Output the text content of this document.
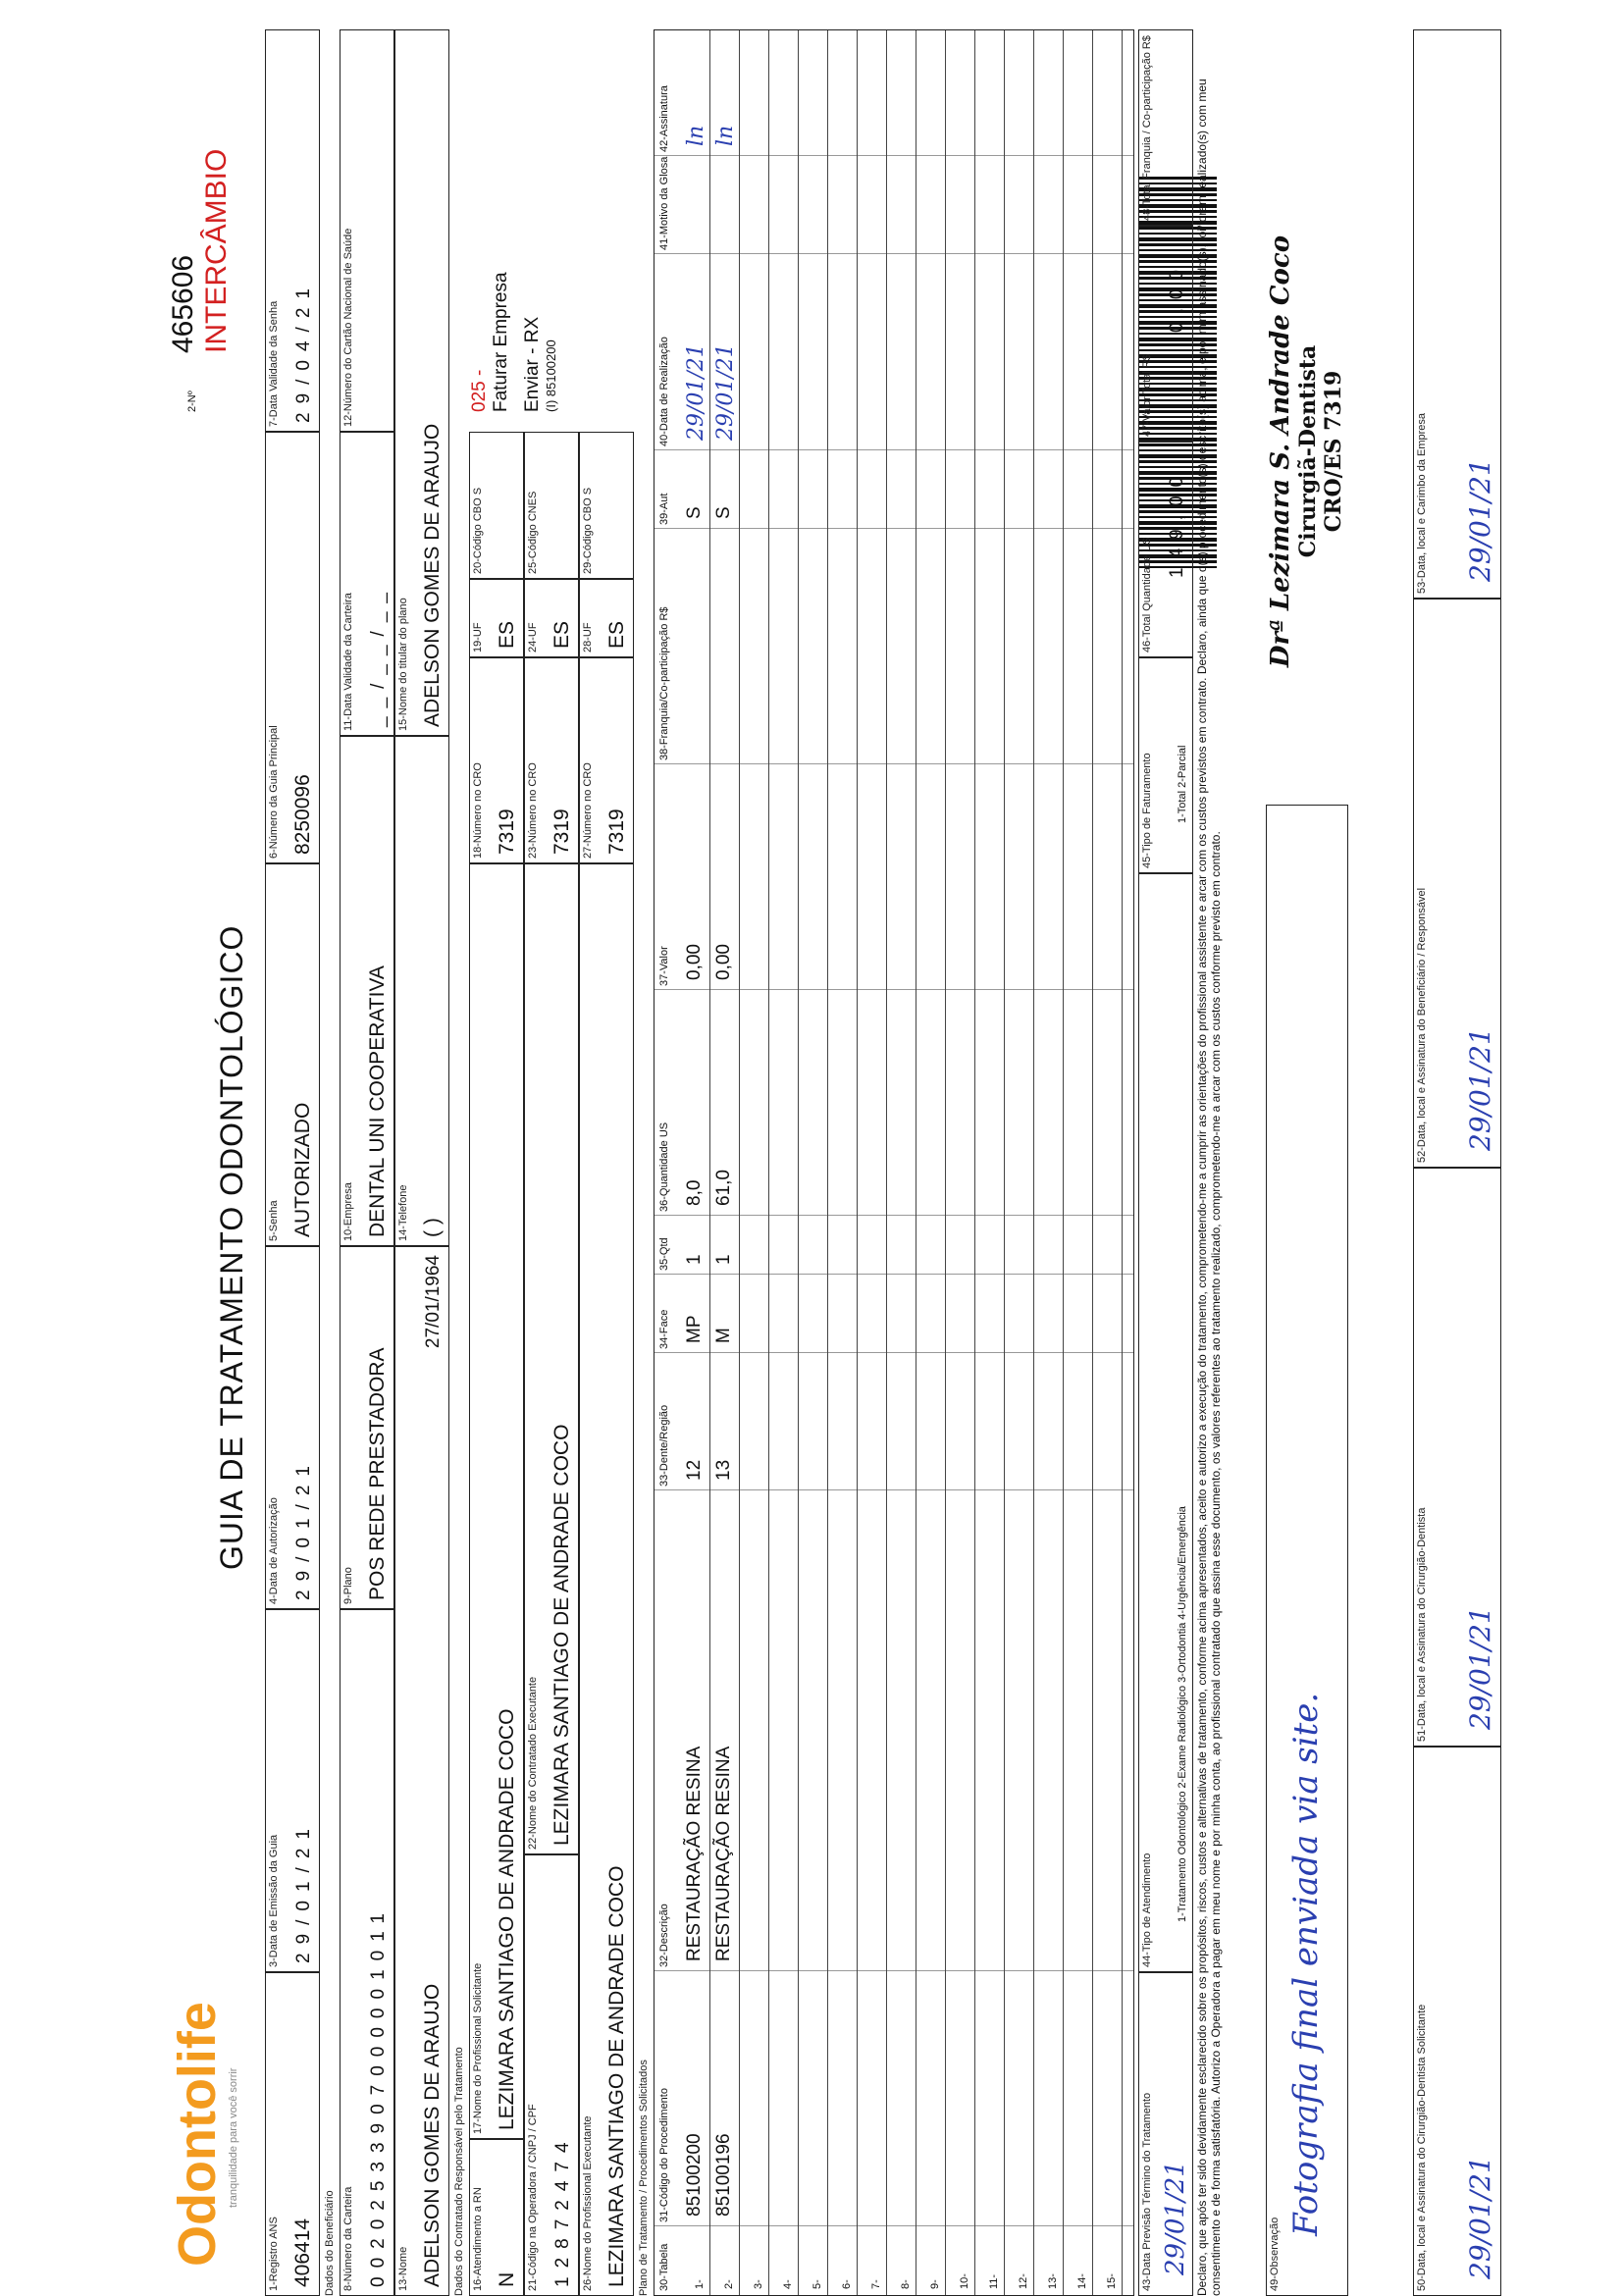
Odontolife tranquilidade para você sorrir
GUIA DE TRATAMENTO ODONTOLÓGICO
2-Nº
465606 INTERCÂMBIO
1-Registro ANS 406414
3-Data de Emissão da Guia 29/01/21
4-Data de Autorização 29/01/21
5-Senha AUTORIZADO
6-Número da Guia Principal 8250096
7-Data Validade da Senha 29/04/21
Dados do Beneficiário 8-Número da Carteira 00202533907000001011
9-Plano POS REDE PRESTADORA
10-Empresa DENTAL UNI COOPERATIVA
11-Data Validade da Carteira __/__/__
12-Número do Cartão Nacional de Saúde
13-Nome ADELSON GOMES DE ARAUJO
27/01/1964
14-Telefone ( )
15-Nome do titular do plano ADELSON GOMES DE ARAUJO
Dados do Contratado Responsável pelo Tratamento 16-Atendimento a RN N
17-Nome do Profissional Solicitante LEZIMARA SANTIAGO DE ANDRADE COCO
18-Número no CRO 7319
19-UF ES
20-Código CBO S
21-Código na Operadora / CNPJ / CPF 12872474
22-Nome do Contratado Executante LEZIMARA SANTIAGO DE ANDRADE COCO
23-Número no CRO 7319
24-UF ES
25-Código CNES
26-Nome do Profissional Executante LEZIMARA SANTIAGO DE ANDRADE COCO
27-Número no CRO 7319
28-UF ES
29-Código CBO S
025 - Faturar Empresa Enviar - RX (I) 85100200
Plano de Tratamento / Procedimentos Solicitados 30-Tabela
31-Código do Procedimento
32-Descrição
33-Dente/Região
34-Face
35-Qtd
36-Quantidade US
37-Valor
38-Franquia/Co-participação R$
39-Aut
40-Data de Realização
41-Motivo da Glosa
42-Assinatura
1-
85100200
RESTAURAÇÃO RESINA
12
MP
1
8,0
0,00
S
29/01/21
ln
2-
85100196
RESTAURAÇÃO RESINA
13
M
1
61,0
0,00
S
29/01/21
ln
3- 4- 5- 6- 7- 8- 9- 10- 11- 12- 13- 14- 15- 43-Data Previsão Término do Tratamento 29/01/21
44-Tipo de Atendimento 1-Tratamento Odontológico 2-Exame Radiológico 3-Ortodontia 4-Urgência/Emergência
45-Tipo de Faturamento 1-Total 2-Parcial
46-Total Quantidade US
149,00
47-Valor Total R$
0,00
48-Total Franquia / Co-participação R$	Declaro, que após ter sido devidamente esclarecido sobre os propósitos, riscos, custos e alternativas de tratamento, conforme acima apresentados, aceito e autorizo a execução do tratamento, comprometendo-me a cumprir as orientações do profissional assistente e arcar com os custos previstos em contrato. Declaro, ainda que o(s) procedimento(s) descrito(s) acima, e por mim assinado(s), foi/foram realizado(s) com meu consentimento e de forma satisfatória. Autorizo a Operadora a pagar em meu nome e por minha conta, ao profissional contratado que assina esse documento, os valores referentes ao tratamento realizado, comprometendo-me a arcar com os custos conforme previsto em contrato.	49-Observação
Fotografia final enviada via site.
Drª Lezimara S. Andrade Coco Cirurgiã-Dentista CRO/ES 7319
50-Data, local e Assinatura do Cirurgião-Dentista Solicitante 29/01/21
51-Data, local e Assinatura do Cirurgião-Dentista 29/01/21
52-Data, local e Assinatura do Beneficiário / Responsável 29/01/21
53-Data, local e Carimbo da Empresa 29/01/21
